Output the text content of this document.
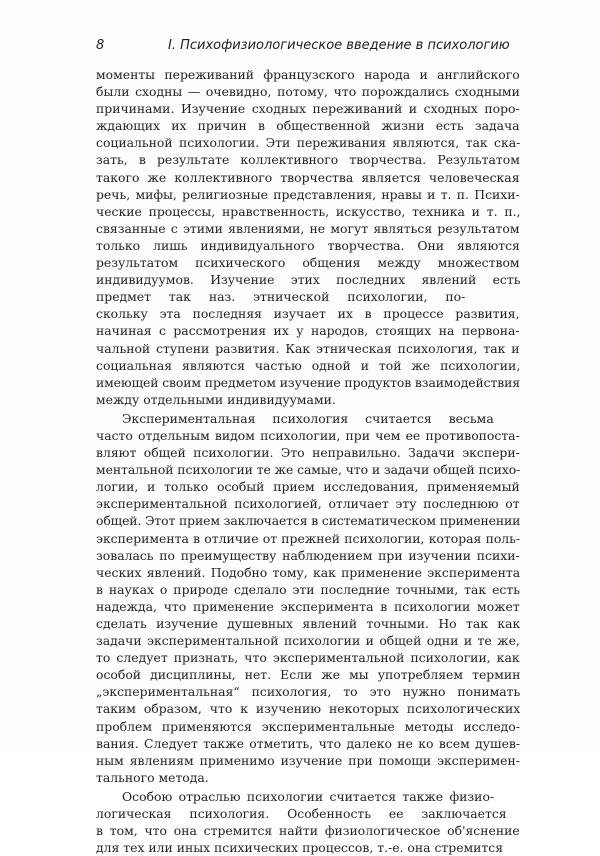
8	I. Психофизиологическое введение в психологию
моменты переживаний французского народа и английского
были сходны — очевидно, потому, что порождались сходными
причинами. Изучение сходных переживаний и сходных порo-
ждающих их причин в общественной жизни есть задача
социальной психологии. Эти переживания являются, так ска-
зать, в результате коллективного творчества. Результатом
такого же коллективного творчества является человеческая
речь, мифы, религиозные представления, нравы и т. п. Психи-
ческие процессы, нравственность, искусство, техника и т. п.,
связанные с этими явлениями, не могут являться результатом
только лишь индивидуального творчества. Они являются
результатом психического общения между множеством
индивидуумов. Изучение этих последних явлений есть
предмет так наз. этнической психологии, по-
скольку эта последняя изучает их в процессе развития,
начиная с рассмотрения их у народов, стоящих на первона-
чальной ступени развития. Как этническая психология, так и
социальная являются частью одной и той же психологии,
имеющей своим предметом изучение продуктов взаимодействия
между отдельными индивидуумами.
Экспериментальная психология считается весьма
часто отдельным видом психологии, при чем ее противопоста-
вляют общей психологии. Это неправильно. Задачи экспери-
ментальной психологии те же самые, что и задачи общей психо-
логии, и только особый прием исследования, применяемый
экспериментальной психологией, отличает эту последнюю от
общей. Этот прием заключается в систематическом применении
эксперимента в отличие от прежней психологии, которая поль-
зовалась по преимуществу наблюдением при изучении психи-
ческих явлений. Подобно тому, как применение эксперимента
в науках о природе сделало эти последние точными, так есть
надежда, что применение эксперимента в психологии может
сделать изучение душевных явлений точными. Но так как
задачи экспериментальной психологии и общей одни и те же,
то следует признать, что экспериментальной психологии, как
особой дисциплины, нет. Если же мы употребляем термин
„экспериментальная“ психология, то это нужно понимать
таким образом, что к изучению некоторых психологических
проблем применяются экспериментальные методы исследо-
вания. Следует также отметить, что далеко не ко всем душев-
ным явлениям применимо изучение при помощи эксперимен-
тального метода.
Особою отраслью психологии считается также физио-
логическая психология. Особенность ее заключается
в том, что она стремится найти физиологическое об'яснение
для тех или иных психических процессов, т.-е. она стремится
